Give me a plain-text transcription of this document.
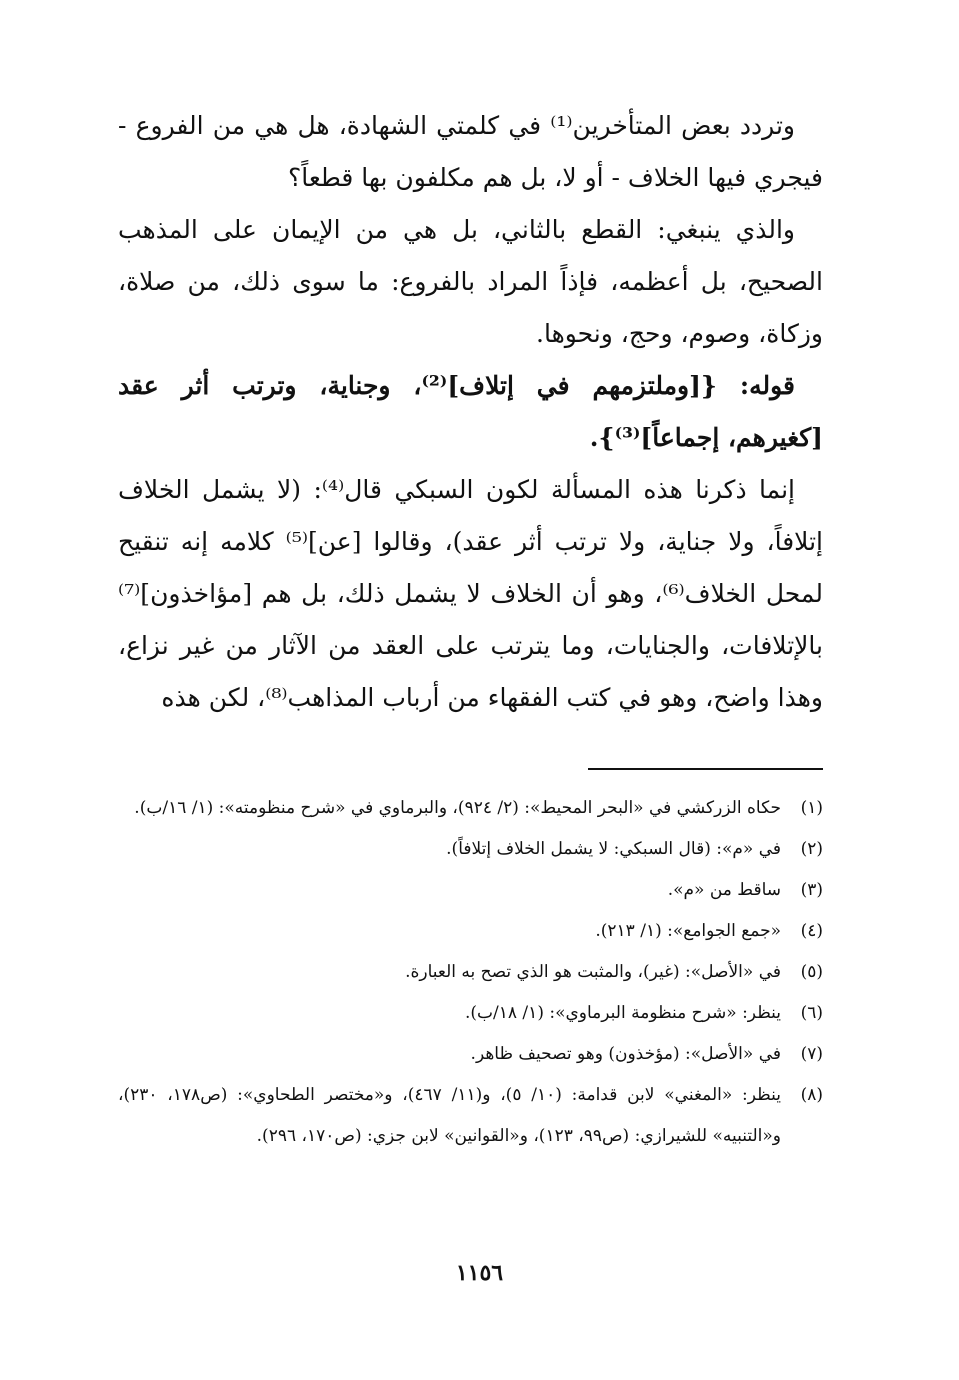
وتردد بعض المتأخرين⁽¹⁾ في كلمتي الشهادة، هل هي من الفروع - فيجري فيها الخلاف - أو لا، بل هم مكلفون بها قطعاً؟
والذي ينبغي: القطع بالثاني، بل هي من الإيمان على المذهب الصحيح، بل أعظمه، فإذاً المراد بالفروع: ما سوى ذلك، من صلاة، وزكاة، وصوم، وحج، ونحوها.
قوله: {[وملتزمهم في إتلاف]⁽²⁾، وجناية، وترتب أثر عقد [كغيرهم، إجماعاً]⁽³⁾}.
إنما ذكرنا هذه المسألة لكون السبكي قال⁽⁴⁾: (لا يشمل الخلاف إتلافاً، ولا جناية، ولا ترتب أثر عقد)، وقالوا [عن]⁽⁵⁾ كلامه إنه تنقيح لمحل الخلاف⁽⁶⁾، وهو أن الخلاف لا يشمل ذلك، بل هم [مؤاخذون]⁽⁷⁾ بالإتلافات، والجنايات، وما يترتب على العقد من الآثار من غير نزاع، وهذا واضح، وهو في كتب الفقهاء من أرباب المذاهب⁽⁸⁾، لكن هذه

(١)
حكاه الزركشي في «البحر المحيط»: (٢/ ٩٢٤)، والبرماوي في «شرح منظومته»: (١/ ١٦/ب).
(٢)
في «م»: (قال السبكي: لا يشمل الخلاف إتلافاً).
(٣)
ساقط من «م».
(٤)
«جمع الجوامع»: (١/ ٢١٣).
(٥)
في «الأصل»: (غير)، والمثبت هو الذي تصح به العبارة.
(٦)
ينظر: «شرح منظومة البرماوي»: (١/ ١٨/ب).
(٧)
في «الأصل»: (مؤخذون) وهو تصحيف ظاهر.
(٨)
ينظر: «المغني» لابن قدامة: (١٠/ ٥)، و(١١/ ٤٦٧)، و«مختصر الطحاوي»: (ص١٧٨، ٢٣٠)، و«التنبيه» للشيرازي: (ص٩٩، ١٢٣)، و«القوانين» لابن جزي: (ص١٧٠، ٢٩٦).
١١٥٦
